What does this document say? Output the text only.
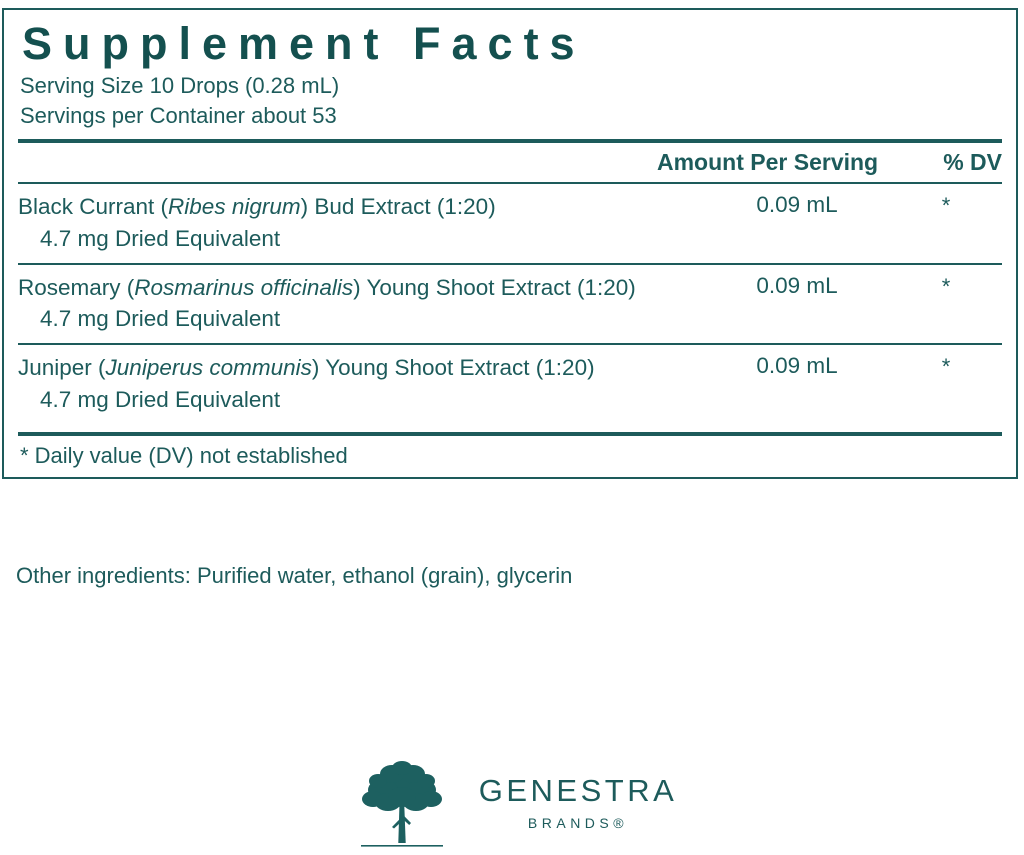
Supplement Facts
Serving Size 10 Drops (0.28 mL)
Servings per Container about 53
Amount Per Serving	% DV
Black Currant (Ribes nigrum) Bud Extract (1:20)
4.7 mg Dried Equivalent
0.09 mL	*
Rosemary (Rosmarinus officinalis) Young Shoot Extract (1:20)
4.7 mg Dried Equivalent
0.09 mL	*
Juniper (Juniperus communis) Young Shoot Extract (1:20)
4.7 mg Dried Equivalent
0.09 mL	*
* Daily value (DV) not established
Other ingredients: Purified water, ethanol (grain), glycerin
GENESTRA
BRANDS®
